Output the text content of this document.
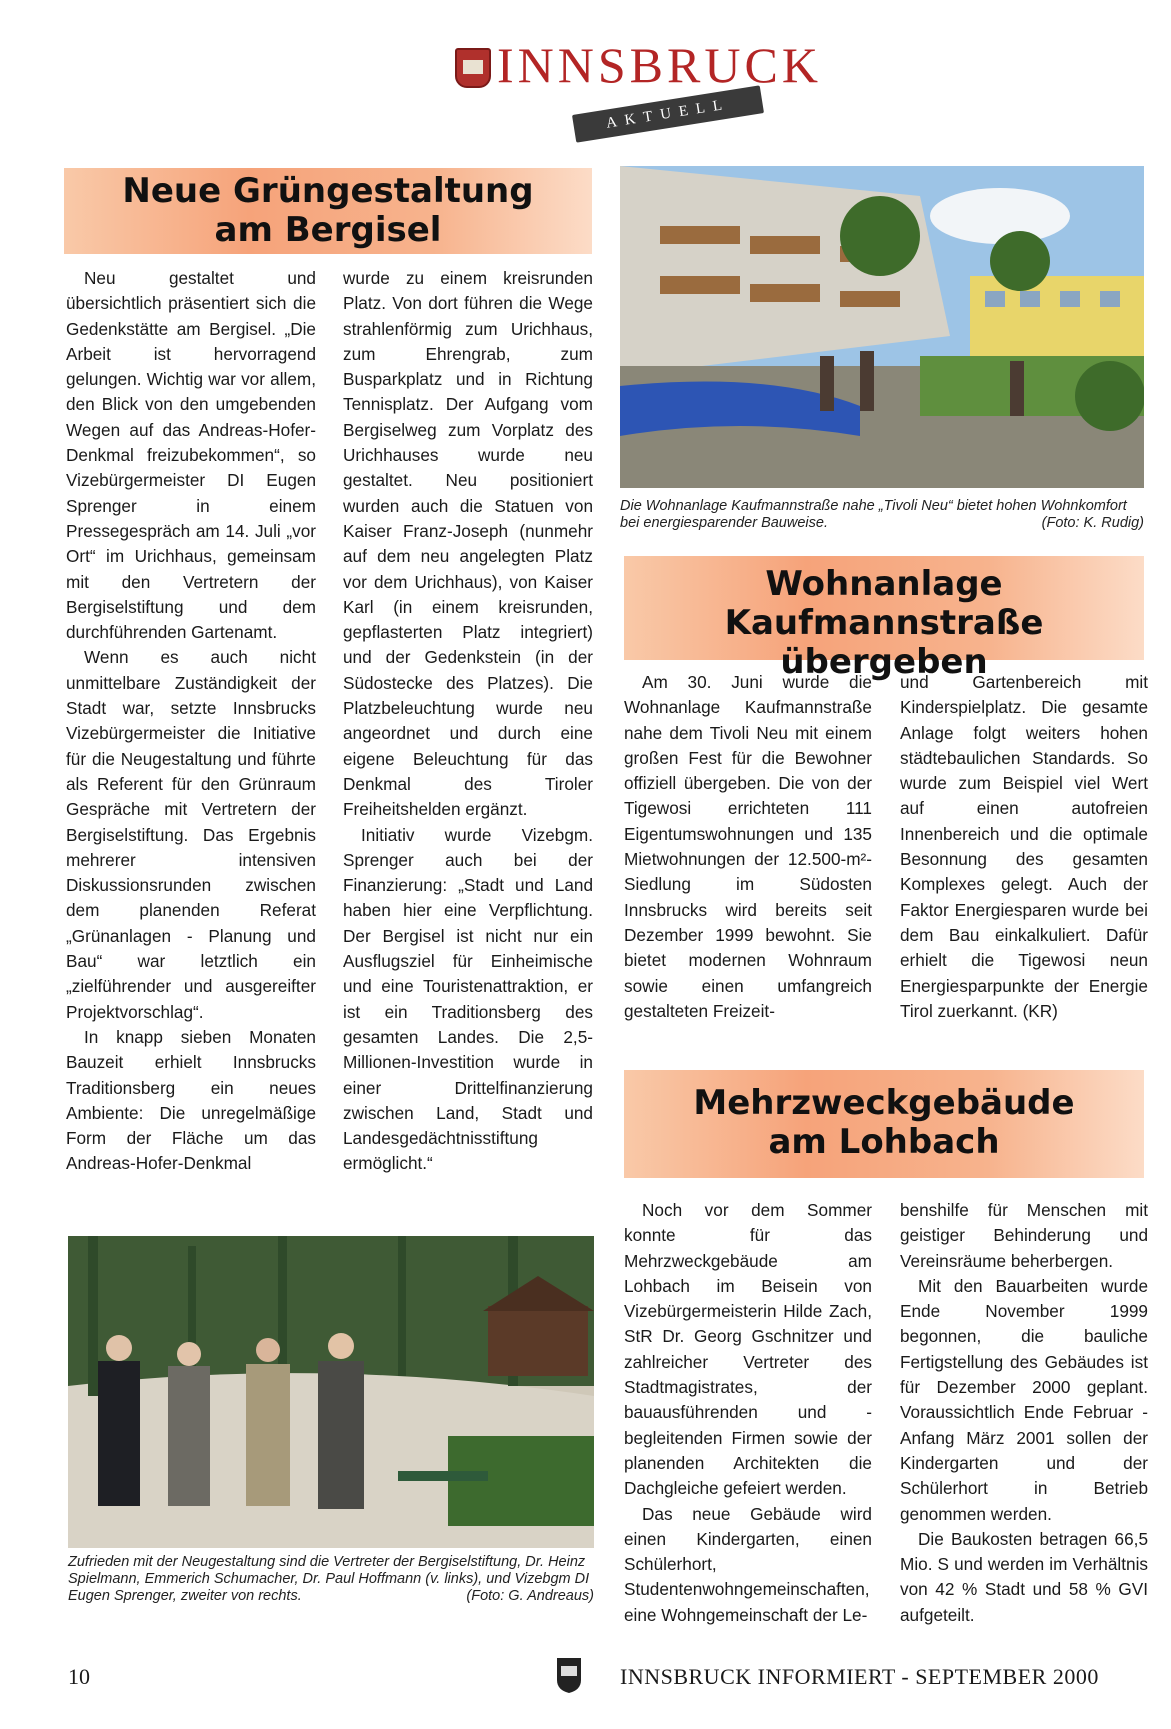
INNSBRUCK
AKTUELL
Neue Grüngestaltung
am Bergisel

Neu gestaltet und übersichtlich präsentiert sich die Gedenkstätte am Bergisel. „Die Arbeit ist hervorragend gelungen. Wichtig war vor allem, den Blick von den umgebenden Wegen auf das Andreas-Hofer-Denkmal freizubekommen“, so Vizebürgermeister DI Eugen Sprenger in einem Pressegespräch am 14. Juli „vor Ort“ im Urichhaus, gemeinsam mit den Vertretern der Bergiselstiftung und dem durchführenden Gartenamt.

Wenn es auch nicht unmittelbare Zuständigkeit der Stadt war, setzte Innsbrucks Vizebürgermeister die Initiative für die Neugestaltung und führte als Referent für den Grünraum Gespräche mit Vertretern der Bergiselstiftung. Das Ergebnis mehrerer intensiven Diskussionsrunden zwischen dem planenden Referat „Grünanlagen - Planung und Bau“ war letztlich ein „zielführender und ausgereifter Projektvorschlag“.

In knapp sieben Monaten Bauzeit erhielt Innsbrucks Traditionsberg ein neues Ambiente: Die unregelmäßige Form der Fläche um das Andreas-Hofer-Denkmal

wurde zu einem kreisrunden Platz. Von dort führen die Wege strahlenförmig zum Urichhaus, zum Ehrengrab, zum Busparkplatz und in Richtung Tennisplatz. Der Aufgang vom Bergiselweg zum Vorplatz des Urichhauses wurde neu gestaltet. Neu positioniert wurden auch die Statuen von Kaiser Franz-Joseph (nunmehr auf dem neu angelegten Platz vor dem Urichhaus), von Kaiser Karl (in einem kreisrunden, gepflasterten Platz integriert) und der Gedenkstein (in der Südostecke des Platzes). Die Platzbeleuchtung wurde neu angeordnet und durch eine eigene Beleuchtung für das Denkmal des Tiroler Freiheitshelden ergänzt.

Initiativ wurde Vizebgm. Sprenger auch bei der Finanzierung: „Stadt und Land haben hier eine Verpflichtung. Der Bergisel ist nicht nur ein Ausflugsziel für Einheimische und eine Touristenattraktion, er ist ein Traditionsberg des gesamten Landes. Die 2,5-Millionen-Investition wurde in einer Drittelfinanzierung zwischen Land, Stadt und Landesgedächtnisstiftung ermöglicht.“

Zufrieden mit der Neugestaltung sind die Vertreter der Bergiselstiftung, Dr. Heinz Spielmann, Emmerich Schumacher, Dr. Paul Hoffmann (v. links), und Vizebgm DI Eugen Sprenger, zweiter von rechts.	(Foto: G. Andreaus)
Die Wohnanlage Kaufmannstraße nahe „Tivoli Neu“ bietet hohen Wohnkomfort bei energiesparender Bauweise.	(Foto: K. Rudig)
Wohnanlage
Kaufmannstraße übergeben

Am 30. Juni wurde die Wohnanlage Kaufmannstraße nahe dem Tivoli Neu mit einem großen Fest für die Bewohner offiziell übergeben. Die von der Tigewosi errichteten 111 Eigentumswohnungen und 135 Mietwohnungen der 12.500-m²-Siedlung im Südosten Innsbrucks wird bereits seit Dezember 1999 bewohnt. Sie bietet modernen Wohnraum sowie einen umfangreich gestalteten Freizeit-

und Gartenbereich mit Kinderspielplatz. Die gesamte Anlage folgt weiters hohen städtebaulichen Standards. So wurde zum Beispiel viel Wert auf einen autofreien Innenbereich und die optimale Besonnung des gesamten Komplexes gelegt. Auch der Faktor Energiesparen wurde bei dem Bau einkalkuliert. Dafür erhielt die Tigewosi neun Energiesparpunkte der Energie Tirol zuerkannt. (KR)

Mehrzweckgebäude
am Lohbach

Noch vor dem Sommer konnte für das Mehrzweckgebäude am Lohbach im Beisein von Vizebürgermeisterin Hilde Zach, StR Dr. Georg Gschnitzer und zahlreicher Vertreter des Stadtmagistrates, der bauausführenden und -begleitenden Firmen sowie der planenden Architekten die Dachgleiche gefeiert werden.

Das neue Gebäude wird einen Kindergarten, einen Schülerhort, Studentenwohngemeinschaften, eine Wohngemeinschaft der Le-

benshilfe für Menschen mit geistiger Behinderung und Vereinsräume beherbergen.

Mit den Bauarbeiten wurde Ende November 1999 begonnen, die bauliche Fertigstellung des Gebäudes ist für Dezember 2000 geplant. Voraussichtlich Ende Februar - Anfang März 2001 sollen der Kindergarten und der Schülerhort in Betrieb genommen werden.

Die Baukosten betragen 66,5 Mio. S und werden im Verhältnis von 42 % Stadt und 58 % GVI aufgeteilt.

10	INNSBRUCK INFORMIERT - SEPTEMBER 2000
